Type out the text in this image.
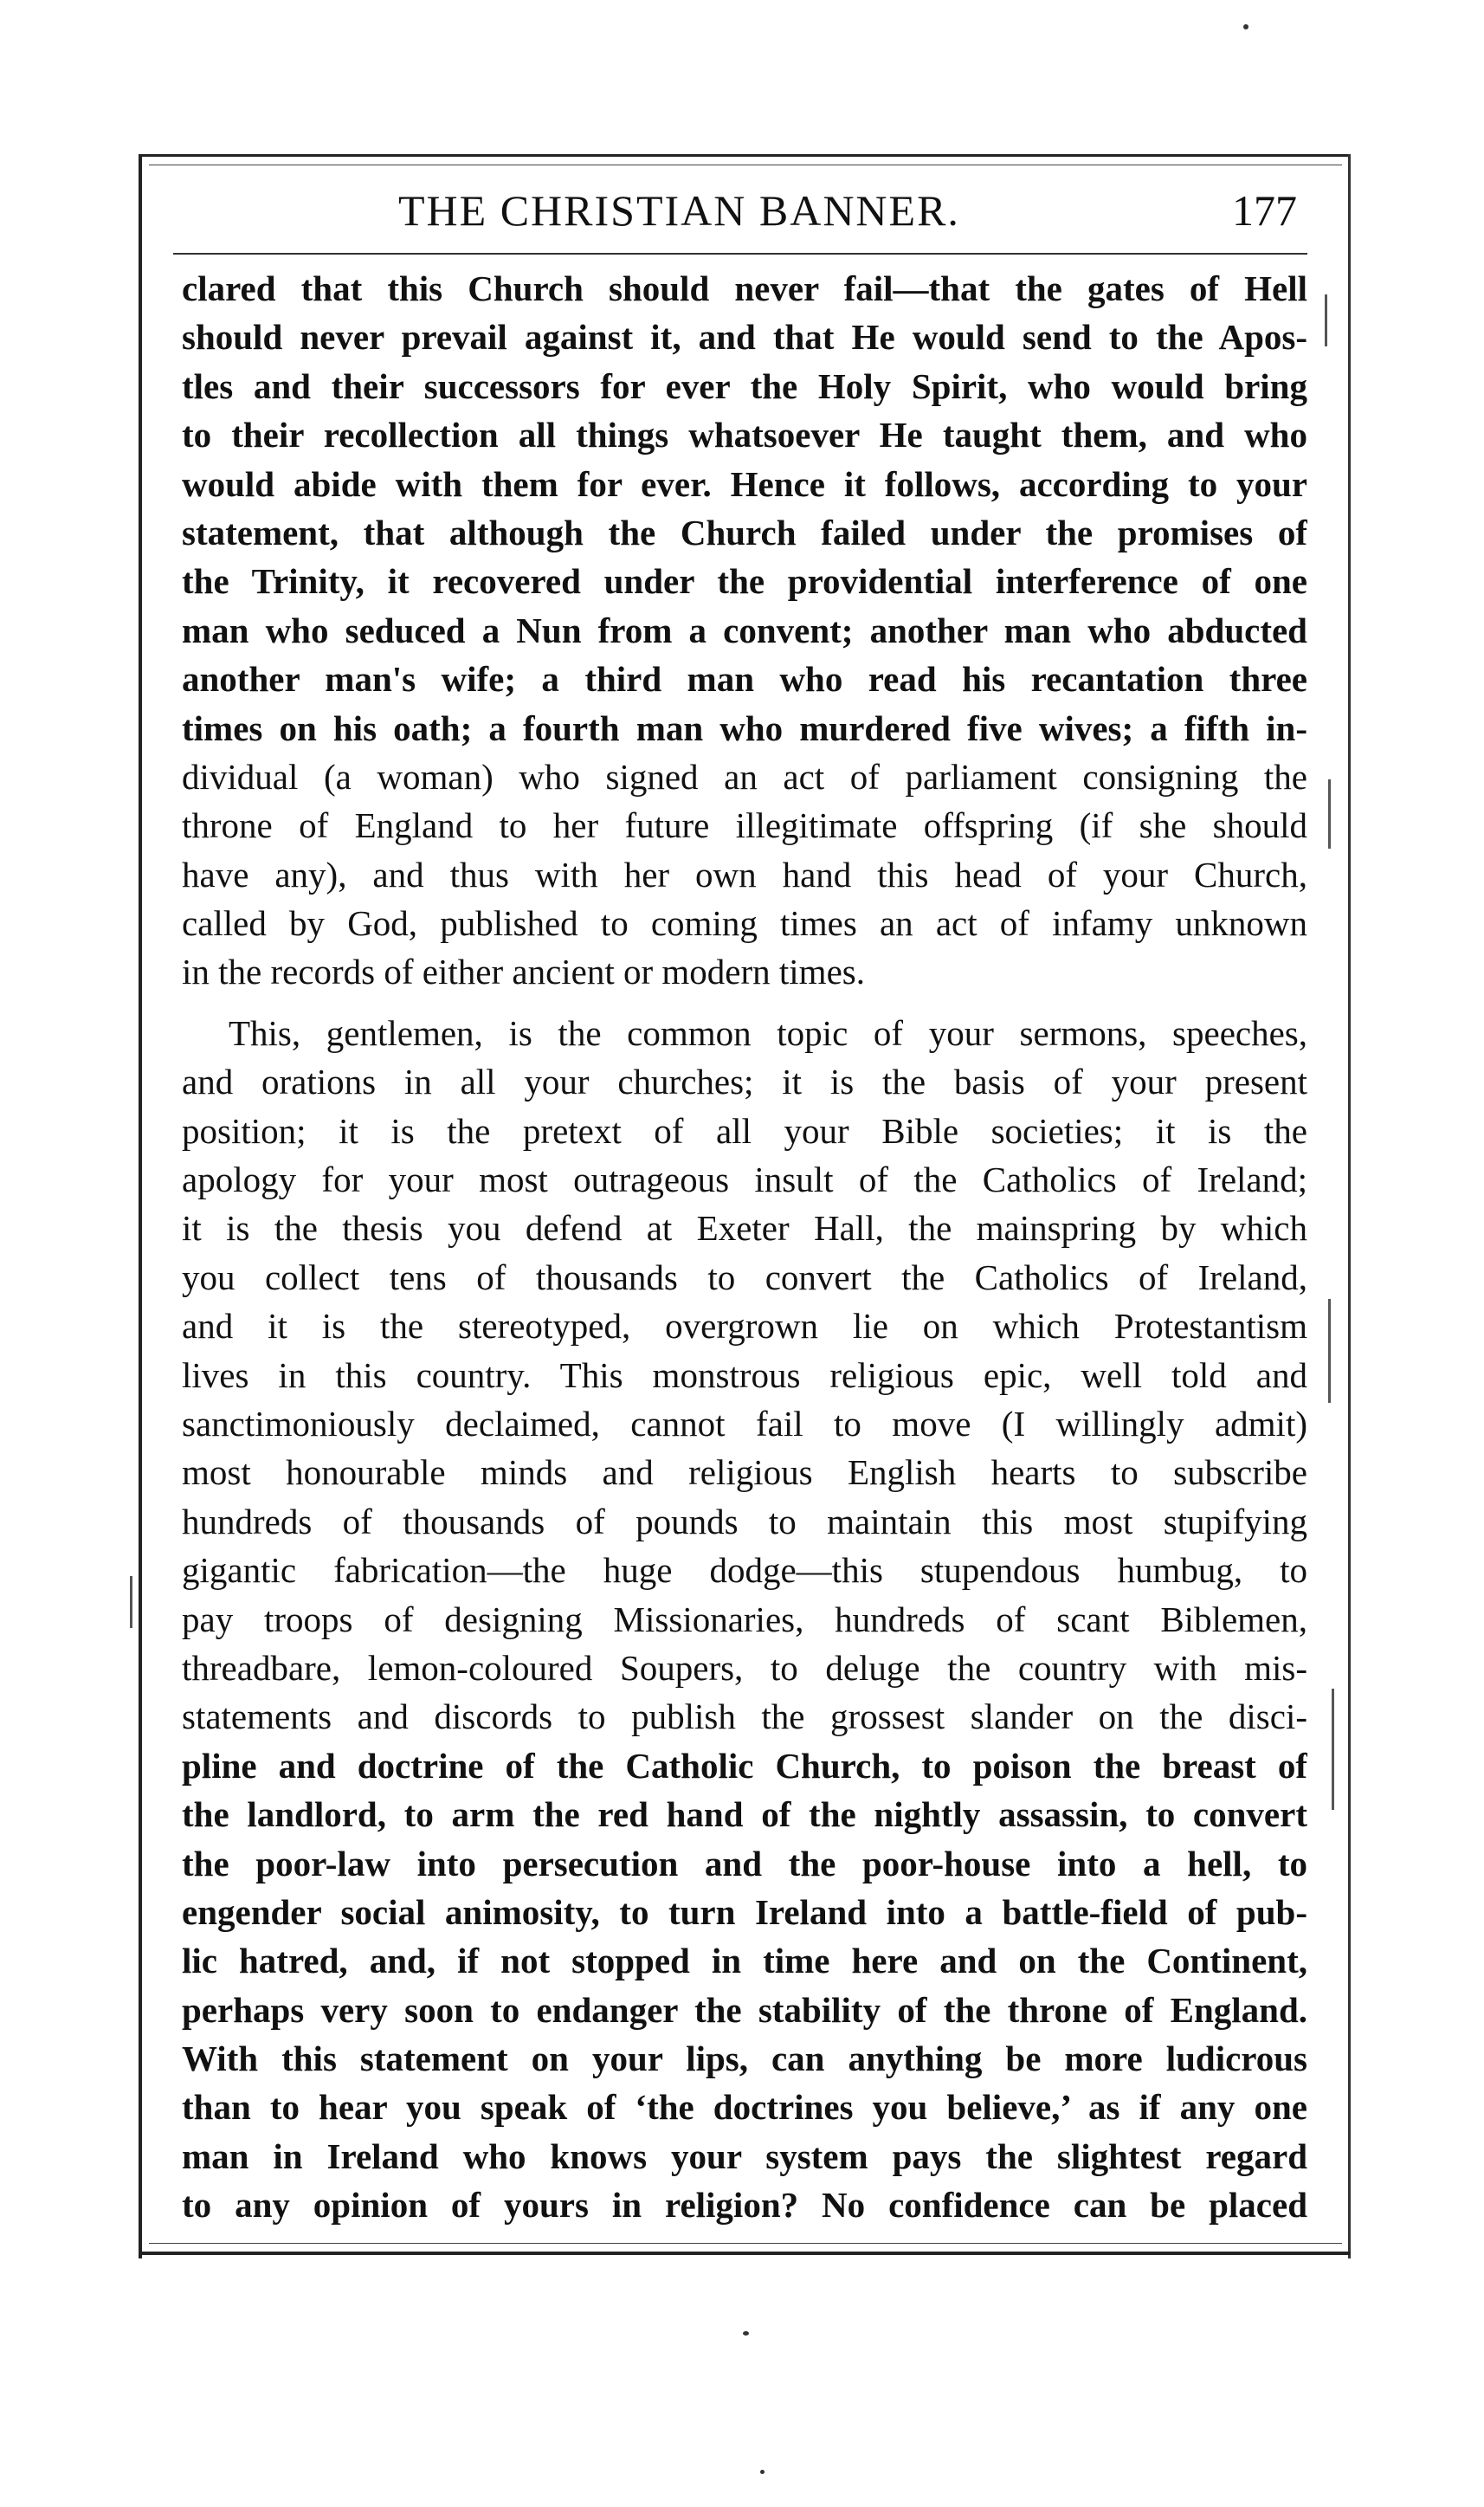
THE CHRISTIAN BANNER.	177
clared that this Church should never fail—that the gates of Hell
should never prevail against it, and that He would send to the Apos-
tles and their successors for ever the Holy Spirit, who would bring
to their recollection all things whatsoever He taught them, and who
would abide with them for ever. Hence it follows, according to your
statement, that although the Church failed under the promises of
the Trinity, it recovered under the providential interference of one
man who seduced a Nun from a convent; another man who abducted
another man's wife; a third man who read his recantation three
times on his oath; a fourth man who murdered five wives; a fifth in-
dividual (a woman) who signed an act of parliament consigning the
throne of England to her future illegitimate offspring (if she should
have any), and thus with her own hand this head of your Church,
called by God, published to coming times an act of infamy unknown
in the records of either ancient or modern times.
This, gentlemen, is the common topic of your sermons, speeches,
and orations in all your churches; it is the basis of your present
position; it is the pretext of all your Bible societies; it is the
apology for your most outrageous insult of the Catholics of Ireland;
it is the thesis you defend at Exeter Hall, the mainspring by which
you collect tens of thousands to convert the Catholics of Ireland,
and it is the stereotyped, overgrown lie on which Protestantism
lives in this country. This monstrous religious epic, well told and
sanctimoniously declaimed, cannot fail to move (I willingly admit)
most honourable minds and religious English hearts to subscribe
hundreds of thousands of pounds to maintain this most stupifying
gigantic fabrication—the huge dodge—this stupendous humbug, to
pay troops of designing Missionaries, hundreds of scant Biblemen,
threadbare, lemon-coloured Soupers, to deluge the country with mis-
statements and discords to publish the grossest slander on the disci-
pline and doctrine of the Catholic Church, to poison the breast of
the landlord, to arm the red hand of the nightly assassin, to convert
the poor-law into persecution and the poor-house into a hell, to
engender social animosity, to turn Ireland into a battle-field of pub-
lic hatred, and, if not stopped in time here and on the Continent,
perhaps very soon to endanger the stability of the throne of England.
With this statement on your lips, can anything be more ludicrous
than to hear you speak of ‘the doctrines you believe,’ as if any one
man in Ireland who knows your system pays the slightest regard
to any opinion of yours in religion? No confidence can be placed
